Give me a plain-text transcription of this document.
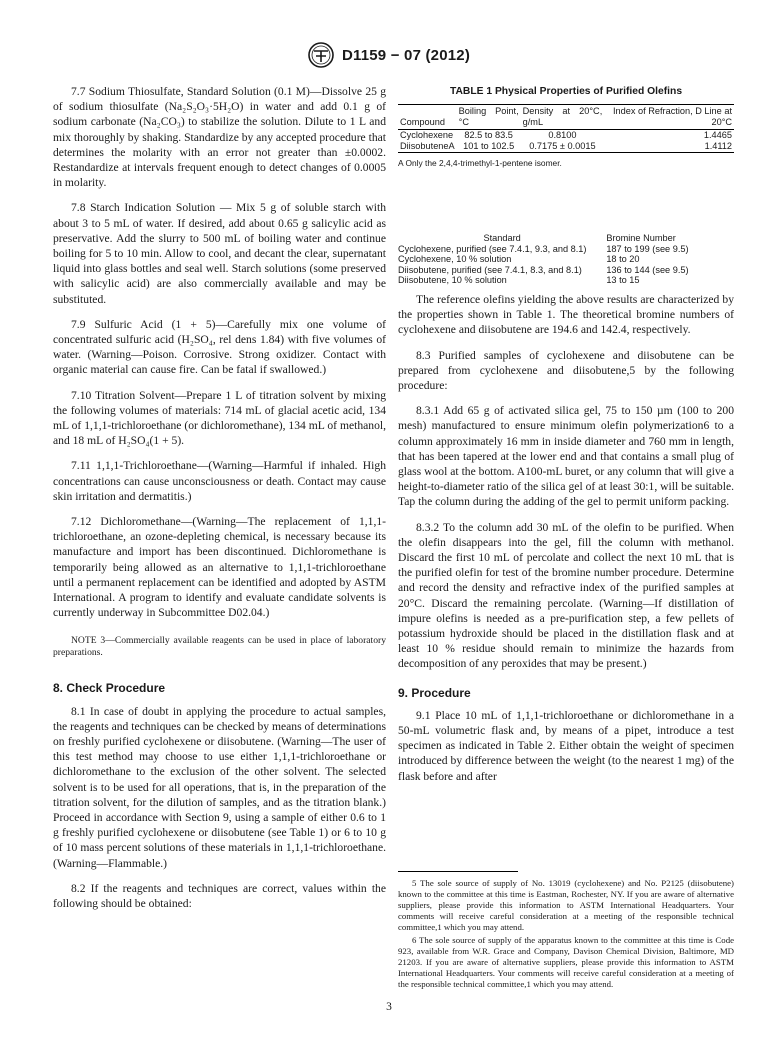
D1159 − 07 (2012)

7.7 Sodium Thiosulfate, Standard Solution (0.1 M)—Dissolve 25 g of sodium thiosulfate (Na₂S₂O₃·5H₂O) in water and add 0.1 g of sodium carbonate (Na₂CO₃) to stabilize the solution. Dilute to 1 L and mix thoroughly by shaking. Standardize by any accepted procedure that determines the molarity with an error not greater than ±0.0002. Restandardize at intervals frequent enough to detect changes of 0.0005 in molarity.

7.8 Starch Indication Solution — Mix 5 g of soluble starch with about 3 to 5 mL of water. If desired, add about 0.65 g salicylic acid as preservative. Add the slurry to 500 mL of boiling water and continue boiling for 5 to 10 min. Allow to cool, and decant the clear, supernatant liquid into glass bottles and seal well. Starch solutions (some preserved with salicylic acid) are also commercially available and may be substituted.

7.9 Sulfuric Acid (1 + 5)—Carefully mix one volume of concentrated sulfuric acid (H₂SO₄, rel dens 1.84) with five volumes of water. (Warning—Poison. Corrosive. Strong oxidizer. Contact with organic material can cause fire. Can be fatal if swallowed.)

7.10 Titration Solvent—Prepare 1 L of titration solvent by mixing the following volumes of materials: 714 mL of glacial acetic acid, 134 mL of 1,1,1-trichloroethane (or dichloromethane), 134 mL of methanol, and 18 mL of H₂SO₄(1 + 5).

7.11 1,1,1-Trichloroethane—(Warning—Harmful if inhaled. High concentrations can cause unconsciousness or death. Contact may cause skin irritation and dermatitis.)

7.12 Dichloromethane—(Warning—The replacement of 1,1,1-trichloroethane, an ozone-depleting chemical, is necessary because its manufacture and import has been discontinued. Dichloromethane is temporarily being allowed as an alternative to 1,1,1-trichloroethane until a permanent replacement can be identified and adopted by ASTM International. A program to identify and evaluate candidate solvents is currently underway in Subcommittee D02.04.)

NOTE 3—Commercially available reagents can be used in place of laboratory preparations.

8. Check Procedure

8.1 In case of doubt in applying the procedure to actual samples, the reagents and techniques can be checked by means of determinations on freshly purified cyclohexene or diisobutene. (Warning—The user of this test method may choose to use either 1,1,1-trichloroethane or dichloromethane to the exclusion of the other solvent. The selected solvent is to be used for all operations, that is, in the preparation of the titration solvent, for the dilution of samples, and as the titration blank.) Proceed in accordance with Section 9, using a sample of either 0.6 to 1 g freshly purified cyclohexene or diisobutene (see Table 1) or 6 to 10 g of 10 mass percent solutions of these materials in 1,1,1-trichloroethane. (Warning—Flammable.)

8.2 If the reagents and techniques are correct, values within the following should be obtained:

TABLE 1 Physical Properties of Purified Olefins
Compound	Boiling Point, °C	Density at 20°C, g/mL	Index of Refraction, D Line at 20°C
Cyclohexene	82.5 to 83.5	0.8100	1.4465
DiisobuteneA	101 to 102.5	0.7175 ± 0.0015	1.4112
A Only the 2,4,4-trimethyl-1-pentene isomer.
Standard	Bromine Number
Cyclohexene, purified (see 7.4.1, 9.3, and 8.1)	187 to 199 (see 9.5)
Cyclohexene, 10 % solution	18 to 20
Diisobutene, purified (see 7.4.1, 8.3, and 8.1)	136 to 144 (see 9.5)
Diisobutene, 10 % solution	13 to 15

The reference olefins yielding the above results are characterized by the properties shown in Table 1. The theoretical bromine numbers of cyclohexene and diisobutene are 194.6 and 142.4, respectively.

8.3 Purified samples of cyclohexene and diisobutene can be prepared from cyclohexene and diisobutene,5 by the following procedure:

8.3.1 Add 65 g of activated silica gel, 75 to 150 µm (100 to 200 mesh) manufactured to ensure minimum olefin polymerization6 to a column approximately 16 mm in inside diameter and 760 mm in length, that has been tapered at the lower end and that contains a small plug of glass wool at the bottom. A100-mL buret, or any column that will give a height-to-diameter ratio of the silica gel of at least 30:1, will be suitable. Tap the column during the adding of the gel to permit uniform packing.

8.3.2 To the column add 30 mL of the olefin to be purified. When the olefin disappears into the gel, fill the column with methanol. Discard the first 10 mL of percolate and collect the next 10 mL that is the purified olefin for test of the bromine number procedure. Determine and record the density and refractive index of the purified samples at 20°C. Discard the remaining percolate. (Warning—If distillation of impure olefins is needed as a pre-purification step, a few pellets of potassium hydroxide should be placed in the distillation flask and at least 10 % residue should remain to minimize the hazards from decomposition of any peroxides that may be present.)

9. Procedure

9.1 Place 10 mL of 1,1,1-trichloroethane or dichloromethane in a 50-mL volumetric flask and, by means of a pipet, introduce a test specimen as indicated in Table 2. Either obtain the weight of specimen introduced by difference between the weight (to the nearest 1 mg) of the flask before and after

5 The sole source of supply of No. 13019 (cyclohexene) and No. P2125 (diisobutene) known to the committee at this time is Eastman, Rochester, NY. If you are aware of alternative suppliers, please provide this information to ASTM International Headquarters. Your comments will receive careful consideration at a meeting of the responsible technical committee,1 which you may attend.

6 The sole source of supply of the apparatus known to the committee at this time is Code 923, available from W.R. Grace and Company, Davison Chemical Division, Baltimore, MD 21203. If you are aware of alternative suppliers, please provide this information to ASTM International Headquarters. Your comments will receive careful consideration at a meeting of the responsible technical committee,1 which you may attend.

3
